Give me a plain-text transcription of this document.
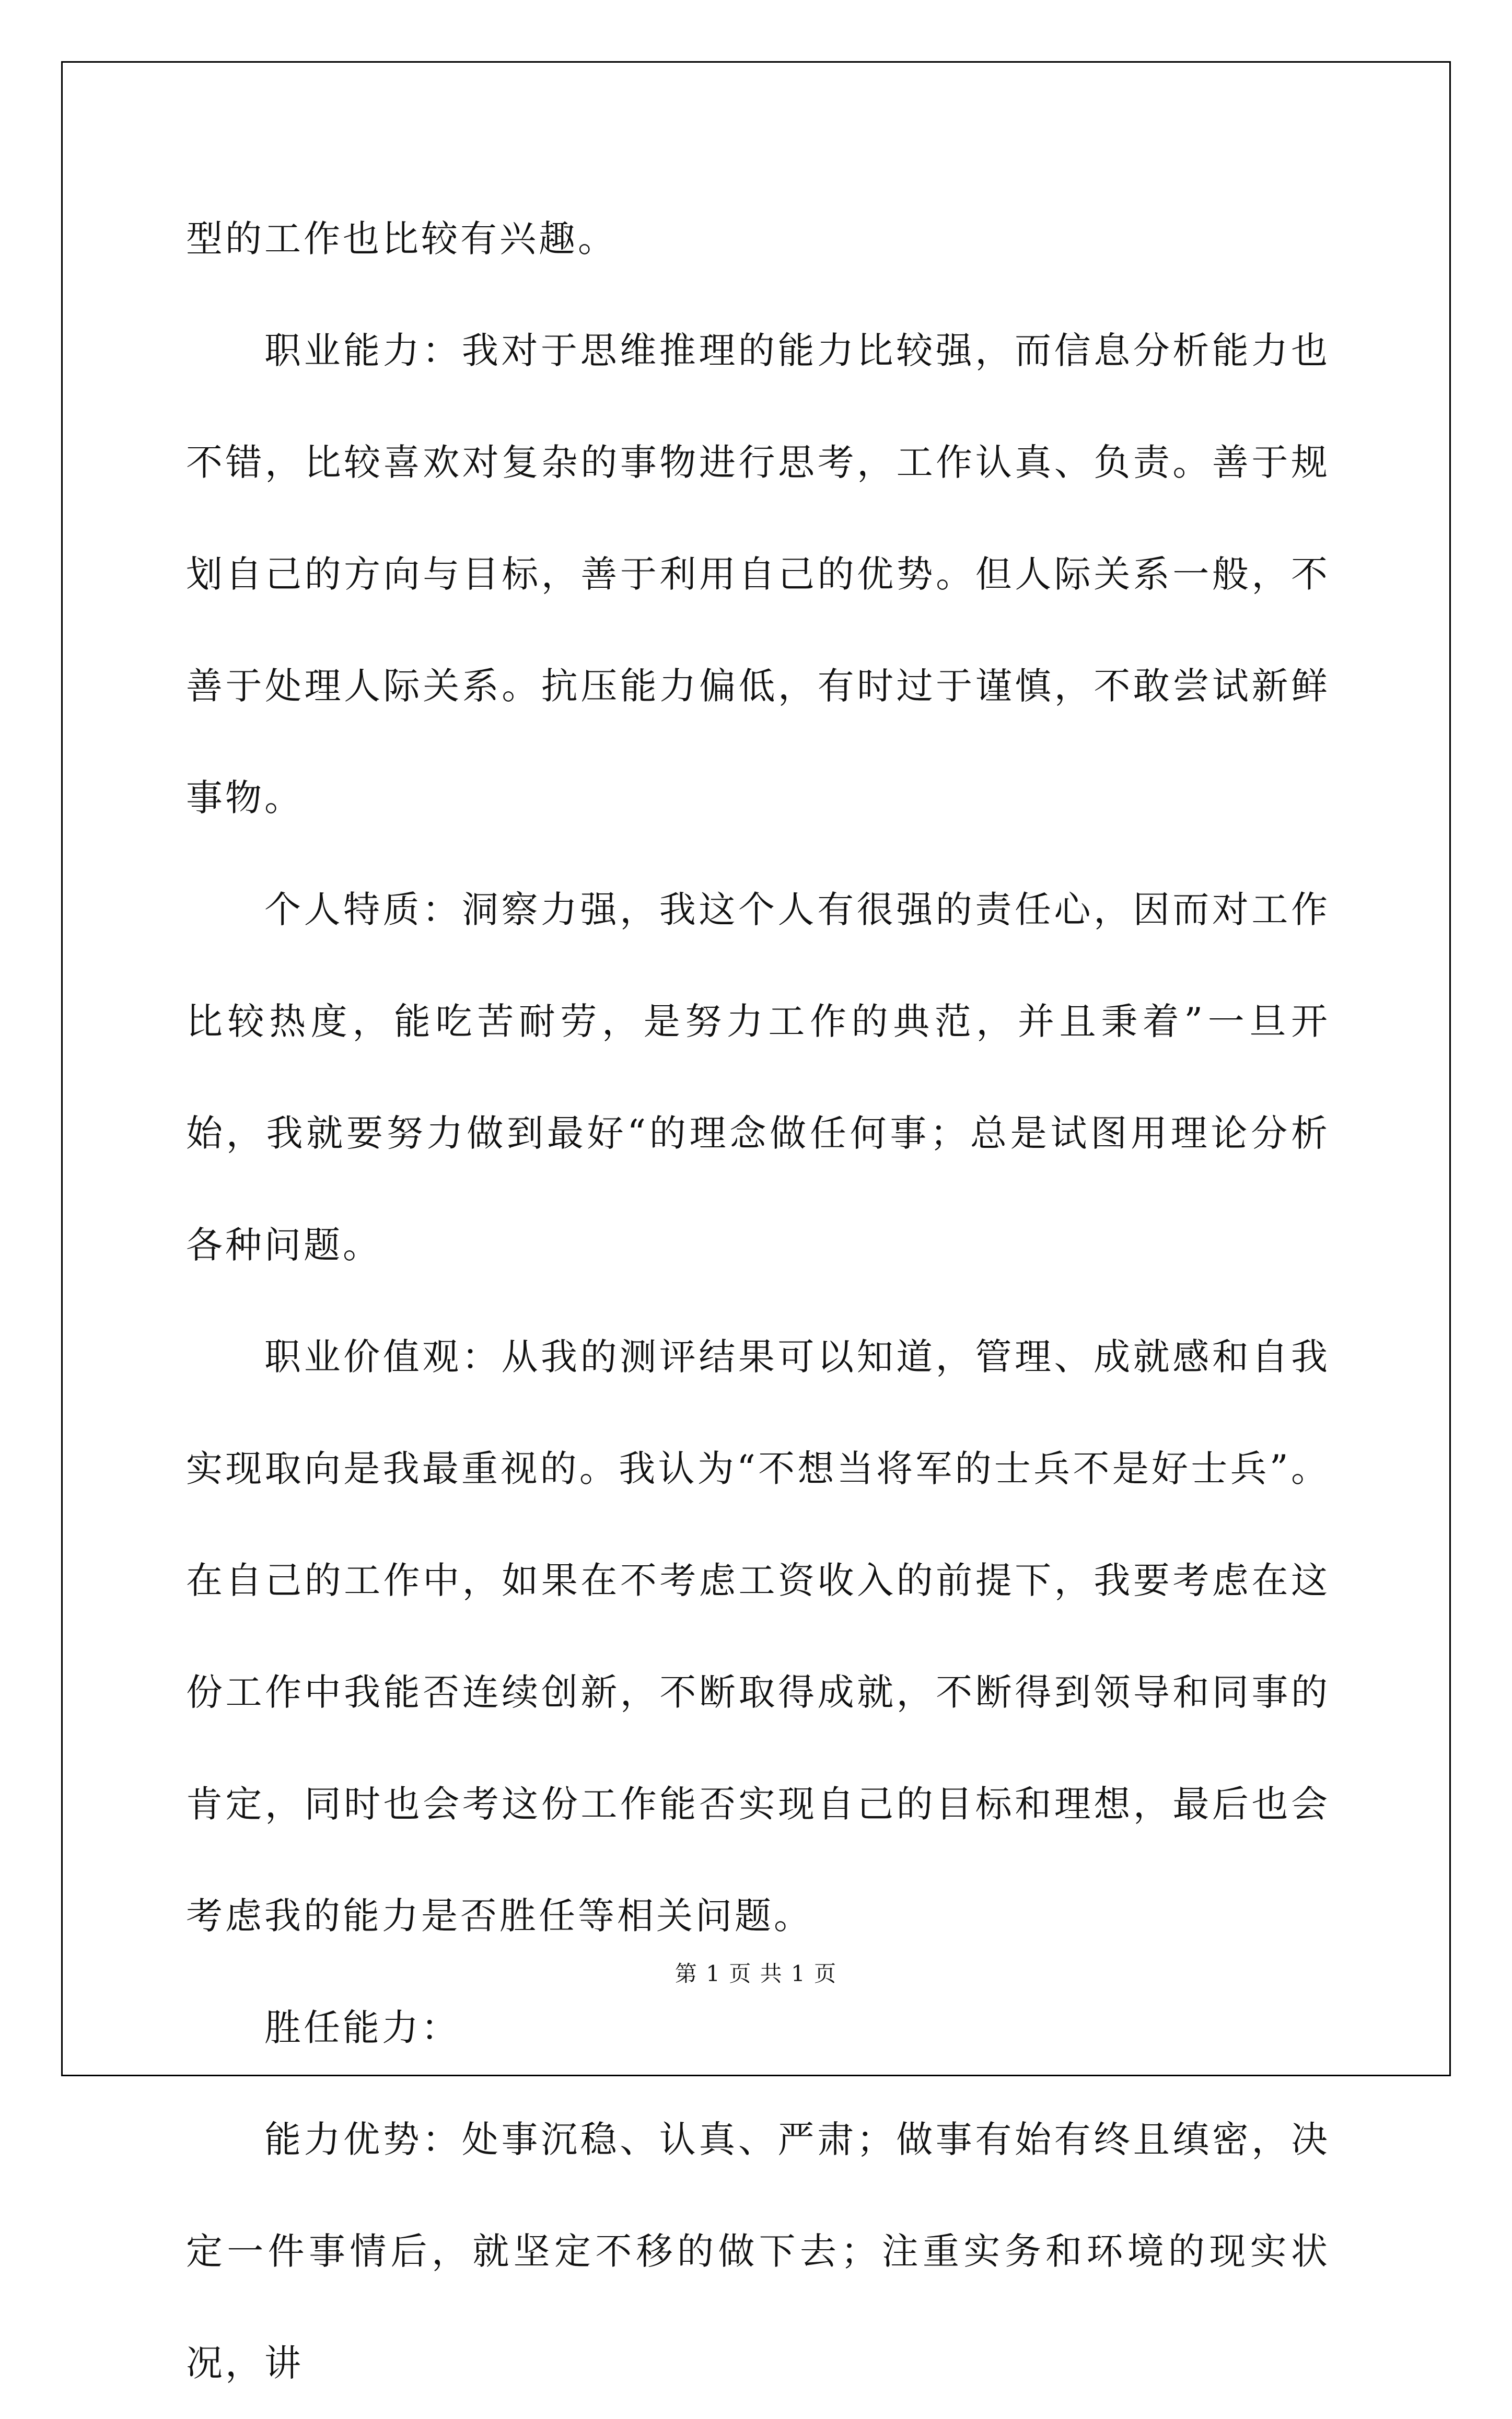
型的工作也比较有兴趣。

职业能力：我对于思维推理的能力比较强，而信息分析能力也不错，比较喜欢对复杂的事物进行思考，工作认真、负责。善于规划自己的方向与目标，善于利用自己的优势。但人际关系一般，不善于处理人际关系。抗压能力偏低，有时过于谨慎，不敢尝试新鲜事物。

个人特质：洞察力强，我这个人有很强的责任心，因而对工作比较热度，能吃苦耐劳，是努力工作的典范，并且秉着”一旦开始，我就要努力做到最好“的理念做任何事；总是试图用理论分析各种问题。

职业价值观：从我的测评结果可以知道，管理、成就感和自我实现取向是我最重视的。我认为“不想当将军的士兵不是好士兵”。在自己的工作中，如果在不考虑工资收入的前提下，我要考虑在这份工作中我能否连续创新，不断取得成就，不断得到领导和同事的肯定，同时也会考这份工作能否实现自己的目标和理想，最后也会考虑我的能力是否胜任等相关问题。

胜任能力：

能力优势：处事沉稳、认真、严肃；做事有始有终且缜密，决定一件事情后，就坚定不移的做下去；注重实务和环境的现实状况，讲

第 1 页 共 1 页
